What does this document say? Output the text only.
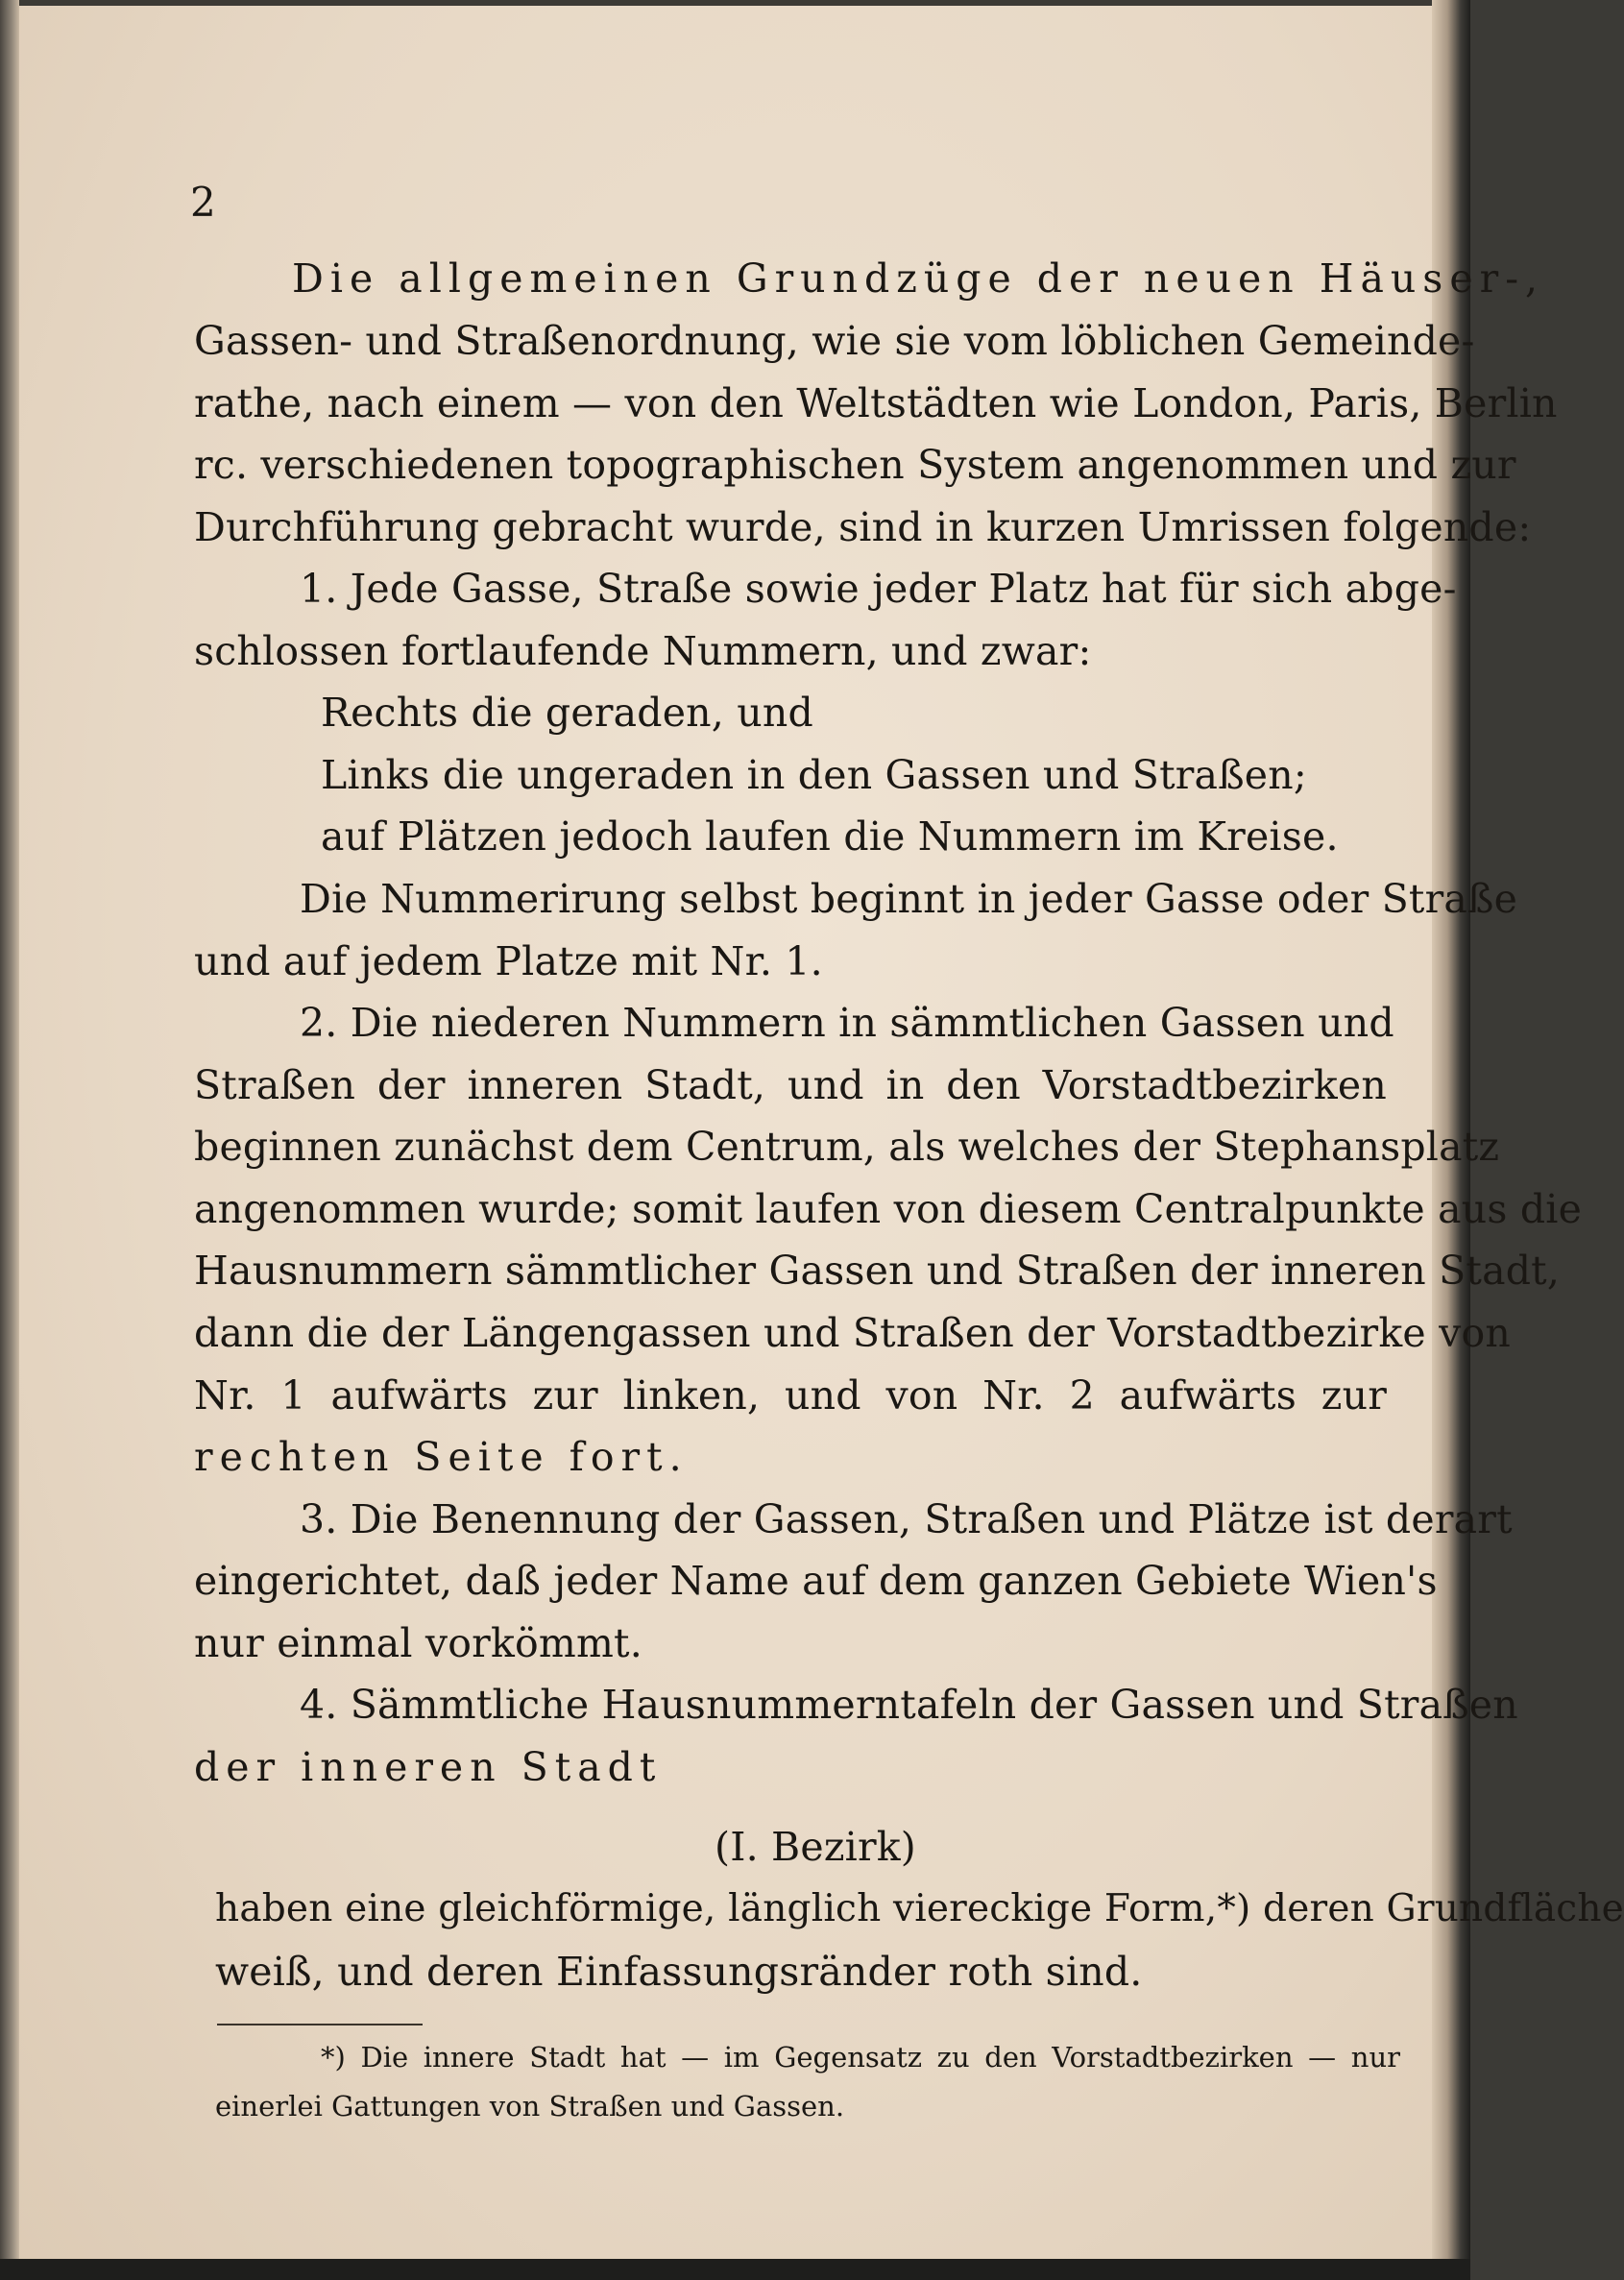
2
Die allgemeinen Grundzüge der neuen Häuser-,
Gassen- und Straßenordnung, wie sie vom löblichen Gemeinde-
rathe, nach einem — von den Weltstädten wie London, Paris, Berlin
rc. verschiedenen topographischen System angenommen und zur
Durchführung gebracht wurde, sind in kurzen Umrissen folgende:
1. Jede Gasse, Straße sowie jeder Platz hat für sich abge-
schlossen fortlaufende Nummern, und zwar:
Rechts die geraden, und
Links die ungeraden in den Gassen und Straßen;
auf Plätzen jedoch laufen die Nummern im Kreise.
Die Nummerirung selbst beginnt in jeder Gasse oder Straße
und auf jedem Platze mit Nr. 1.
2. Die niederen Nummern in sämmtlichen Gassen und
Straßen der inneren Stadt, und in den Vorstadtbezirken
beginnen zunächst dem Centrum, als welches der Stephansplatz
angenommen wurde; somit laufen von diesem Centralpunkte aus die
Hausnummern sämmtlicher Gassen und Straßen der inneren Stadt,
dann die der Längengassen und Straßen der Vorstadtbezirke von
Nr. 1 aufwärts zur linken, und von Nr. 2 aufwärts zur
rechten Seite fort.
3. Die Benennung der Gassen, Straßen und Plätze ist derart
eingerichtet, daß jeder Name auf dem ganzen Gebiete Wien's
nur einmal vorkömmt.
4. Sämmtliche Hausnummerntafeln der Gassen und Straßen
der inneren Stadt
(I. Bezirk)
haben eine gleichförmige, länglich viereckige Form,*) deren Grundfläche
weiß, und deren Einfassungsränder roth sind.
*) Die innere Stadt hat — im Gegensatz zu den Vorstadtbezirken — nur
einerlei Gattungen von Straßen und Gassen.
